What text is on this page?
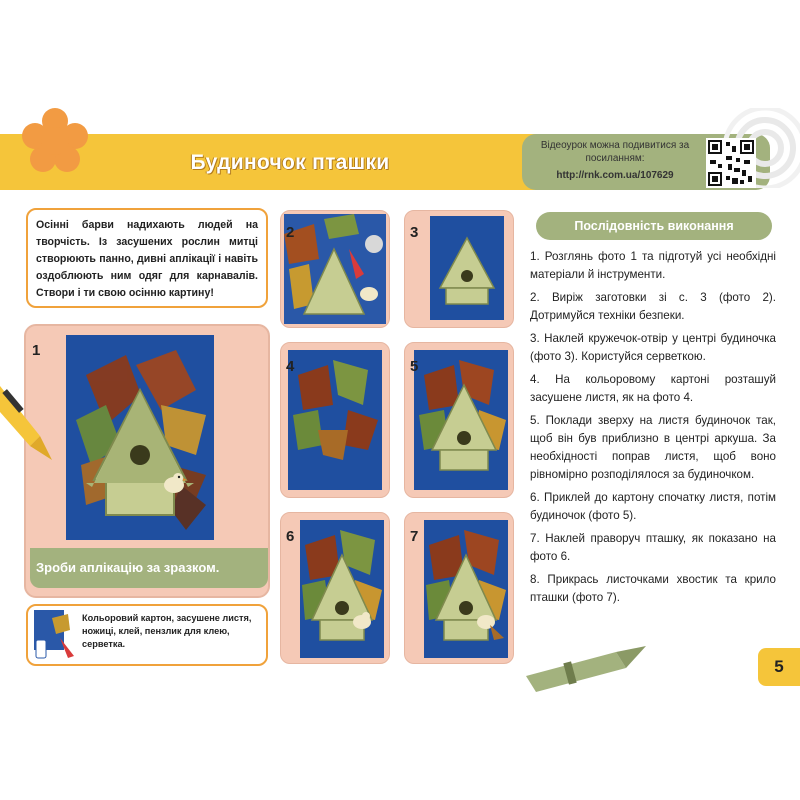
Будиночок пташки
Відеоурок можна подивитися за посиланням:
http://rnk.com.ua/107629
Осінні барви надихають людей на творчість. Із засушених рослин митці створюють панно, дивні аплікації і навіть оздоблюють ним одяг для карнавалів. Створи і ти свою осінню картину!
1
Зроби аплікацію за зразком.
2	3
4	5
6	7
Кольоровий картон, засушене листя, ножиці, клей, пензлик для клею, серветка.
Послідовність виконання
1. Розглянь фото 1 та підготуй усі необхідні матеріали й інструменти.
2. Виріж заготовки зі с. 3 (фото 2). Дотримуйся техніки безпеки.
3. Наклей кружечок-отвір у центрі будиночка (фото 3). Користуйся серветкою.
4. На кольоровому картоні розташуй засушене листя, як на фото 4.
5. Поклади зверху на листя будиночок так, щоб він був приблизно в центрі аркуша. За необхідності поправ листя, щоб воно рівномірно розподілялося за будиночком.
6. Приклей до картону спочатку листя, потім будиночок (фото 5).
7. Наклей праворуч пташку, як показано на фото 6.
8. Прикрась листочками хвостик та крило пташки (фото 7).
5
